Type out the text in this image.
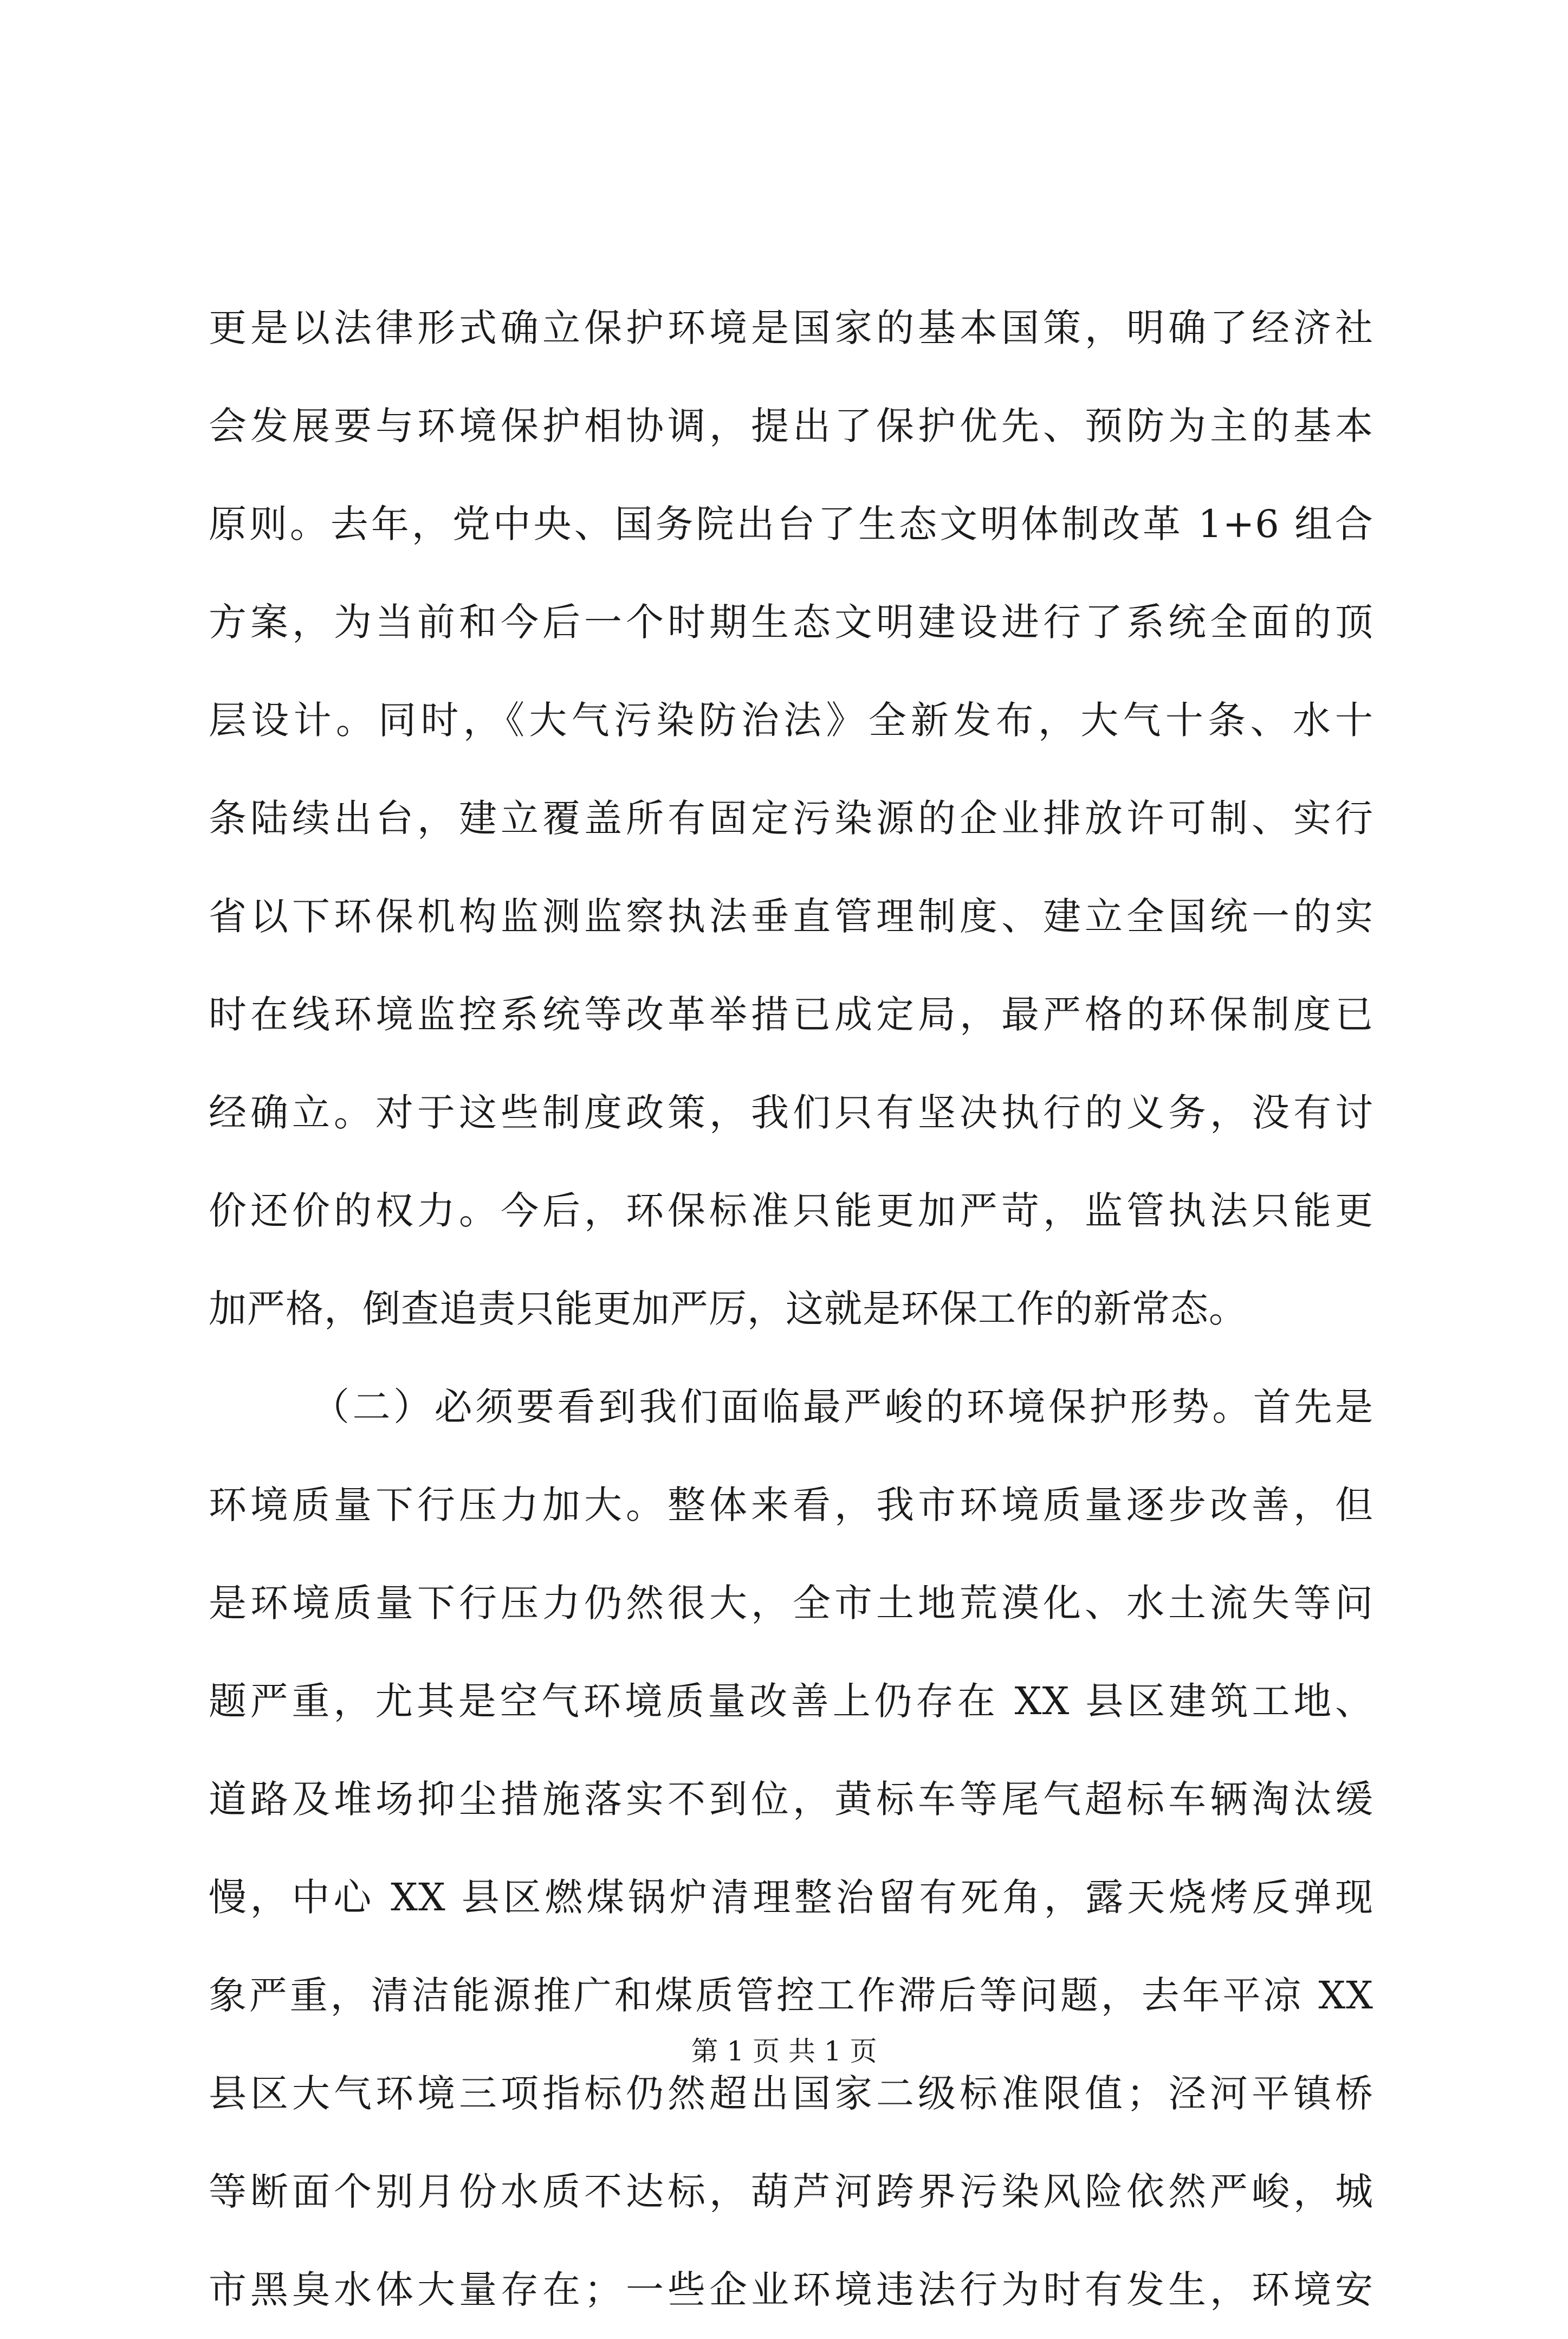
更是以法律形式确立保护环境是国家的基本国策，明确了经济社
会发展要与环境保护相协调，提出了保护优先、预防为主的基本
原则。去年，党中央、国务院出台了生态文明体制改革 1+6 组合
方案，为当前和今后一个时期生态文明建设进行了系统全面的顶
层设计。同时，《大气污染防治法》全新发布，大气十条、水十
条陆续出台，建立覆盖所有固定污染源的企业排放许可制、实行
省以下环保机构监测监察执法垂直管理制度、建立全国统一的实
时在线环境监控系统等改革举措已成定局，最严格的环保制度已
经确立。对于这些制度政策，我们只有坚决执行的义务，没有讨
价还价的权力。今后，环保标准只能更加严苛，监管执法只能更
加严格，倒查追责只能更加严厉，这就是环保工作的新常态。
（二）必须要看到我们面临最严峻的环境保护形势。首先是
环境质量下行压力加大。整体来看，我市环境质量逐步改善，但
是环境质量下行压力仍然很大，全市土地荒漠化、水土流失等问
题严重，尤其是空气环境质量改善上仍存在 XX 县区建筑工地、
道路及堆场抑尘措施落实不到位，黄标车等尾气超标车辆淘汰缓
慢，中心 XX 县区燃煤锅炉清理整治留有死角，露天烧烤反弹现
象严重，清洁能源推广和煤质管控工作滞后等问题，去年平凉 XX
县区大气环境三项指标仍然超出国家二级标准限值；泾河平镇桥
等断面个别月份水质不达标，葫芦河跨界污染风险依然严峻，城
市黑臭水体大量存在；一些企业环境违法行为时有发生，环境安
第 1 页 共 1 页
